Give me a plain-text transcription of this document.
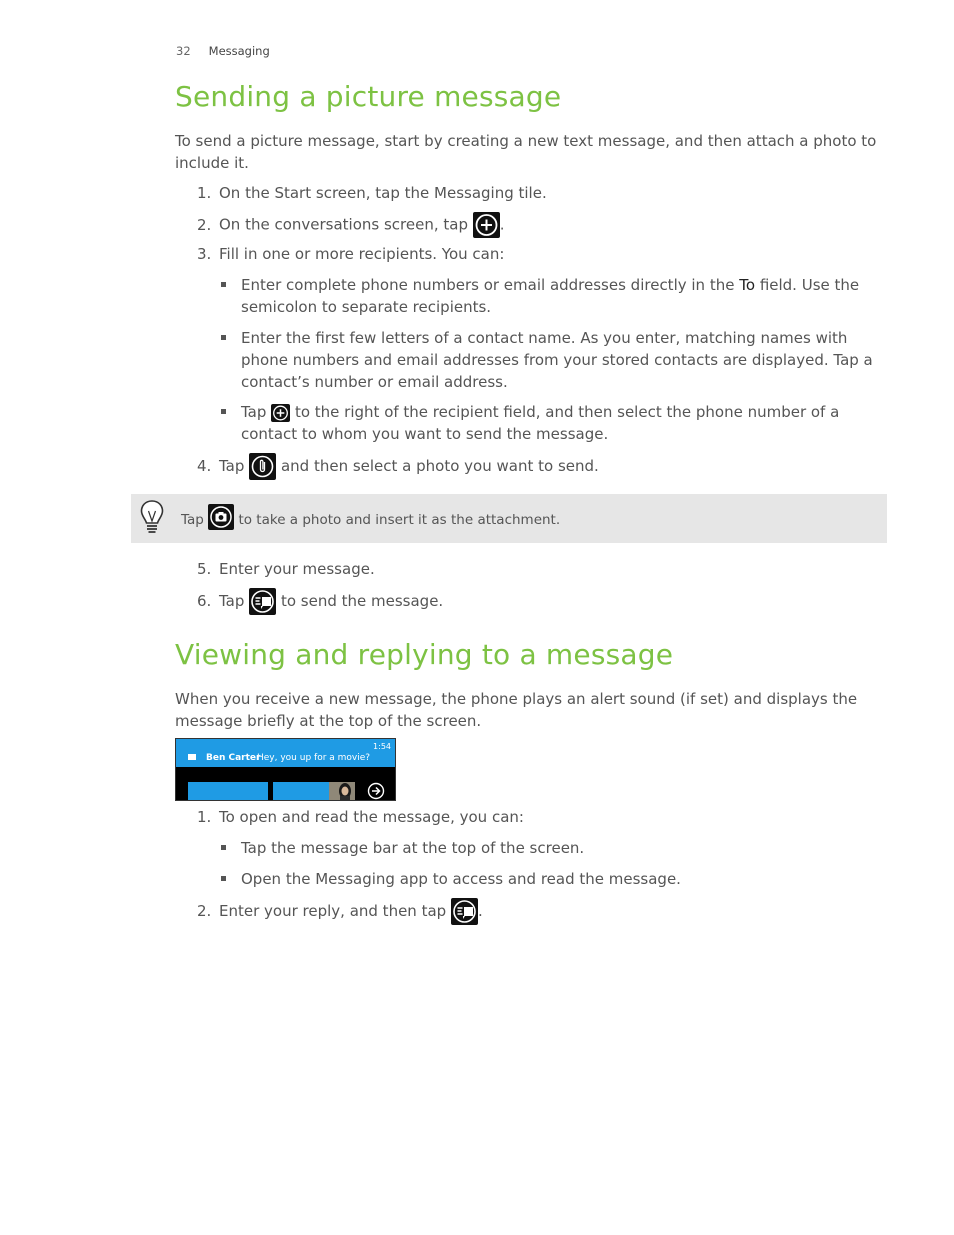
32 Messaging
Sending a picture message

To send a picture message, start by creating a new text message, and then attach a photo to include it.

1. On the Start screen, tap the Messaging tile.
2. On the conversations screen, tap .
3. Fill in one or more recipients. You can:
Enter complete phone numbers or email addresses directly in the To field. Use the semicolon to separate recipients.
Enter the first few letters of a contact name. As you enter, matching names with phone numbers and email addresses from your stored contacts are displayed. Tap a contact’s number or email address.
Tap to the right of the recipient field, and then select the phone number of a contact to whom you want to send the message.
4. Tap and then select a photo you want to send.
Tap	to take a photo and insert it as the attachment.
5. Enter your message.
6. Tap to send the message.
Viewing and replying to a message

When you receive a new message, the phone plays an alert sound (if set) and displays the message briefly at the top of the screen.

1:54
Ben Carter
Hey, you up for a movie?
1. To open and read the message, you can:
Tap the message bar at the top of the screen.
Open the Messaging app to access and read the message.
2. Enter your reply, and then tap .
